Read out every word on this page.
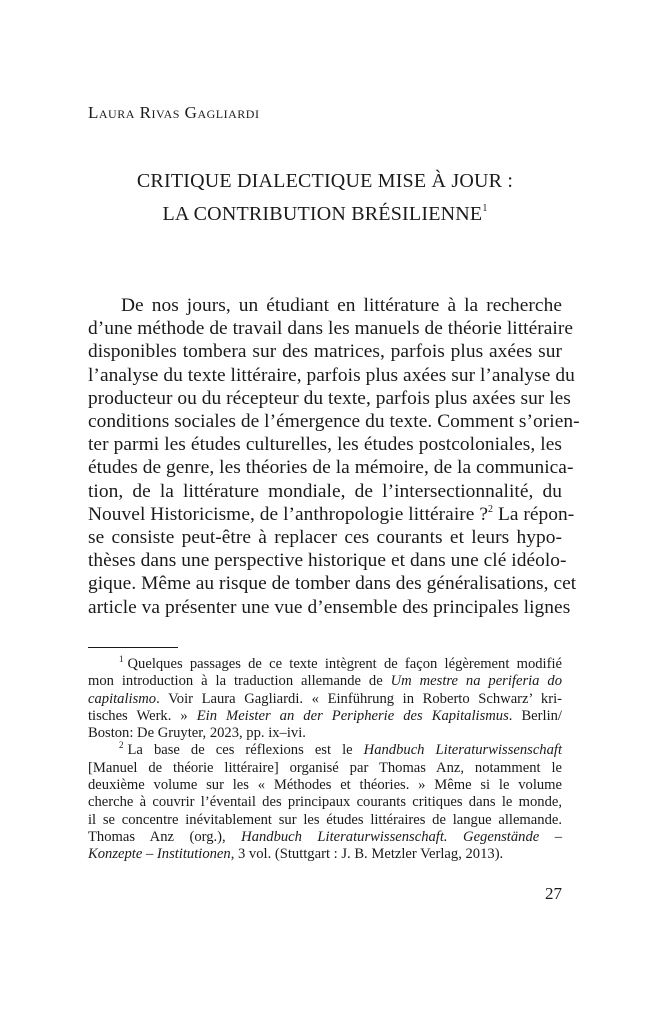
Laura Rivas Gagliardi
CRITIQUE DIALECTIQUE MISE À JOUR :
LA CONTRIBUTION BRÉSILIENNE$^1$
De nos jours, un étudiant en littérature à la recherche
d’une méthode de travail dans les manuels de théorie littéraire
disponibles tombera sur des matrices, parfois plus axées sur
l’analyse du texte littéraire, parfois plus axées sur l’analyse du
producteur ou du récepteur du texte, parfois plus axées sur les
conditions sociales de l’émergence du texte. Comment s’orien-
ter parmi les études culturelles, les études postcoloniales, les
études de genre, les théories de la mémoire, de la communica-
tion, de la littérature mondiale, de l’intersectionnalité, du
Nouvel Historicisme, de l’anthropologie littéraire ?$^2$ La répon-
se consiste peut-être à replacer ces courants et leurs hypo-
thèses dans une perspective historique et dans une clé idéolo-
gique. Même au risque de tomber dans des généralisations, cet
article va présenter une vue d’ensemble des principales lignes
$^1$ Quelques passages de ce texte intègrent de façon légèrement modifié
mon introduction à la traduction allemande de Um mestre na periferia do
capitalismo. Voir Laura Gagliardi. « Einführung in Roberto Schwarz’ kri-
tisches Werk. » Ein Meister an der Peripherie des Kapitalismus. Berlin/
Boston: De Gruyter, 2023, pp. ix–ivi.
$^2$ La base de ces réflexions est le Handbuch Literaturwissenschaft
[Manuel de théorie littéraire] organisé par Thomas Anz, notamment le
deuxième volume sur les « Méthodes et théories. » Même si le volume
cherche à couvrir l’éventail des principaux courants critiques dans le monde,
il se concentre inévitablement sur les études littéraires de langue allemande.
Thomas Anz (org.), Handbuch Literaturwissenschaft. Gegenstände –
Konzepte – Institutionen, 3 vol. (Stuttgart : J. B. Metzler Verlag, 2013).
27
